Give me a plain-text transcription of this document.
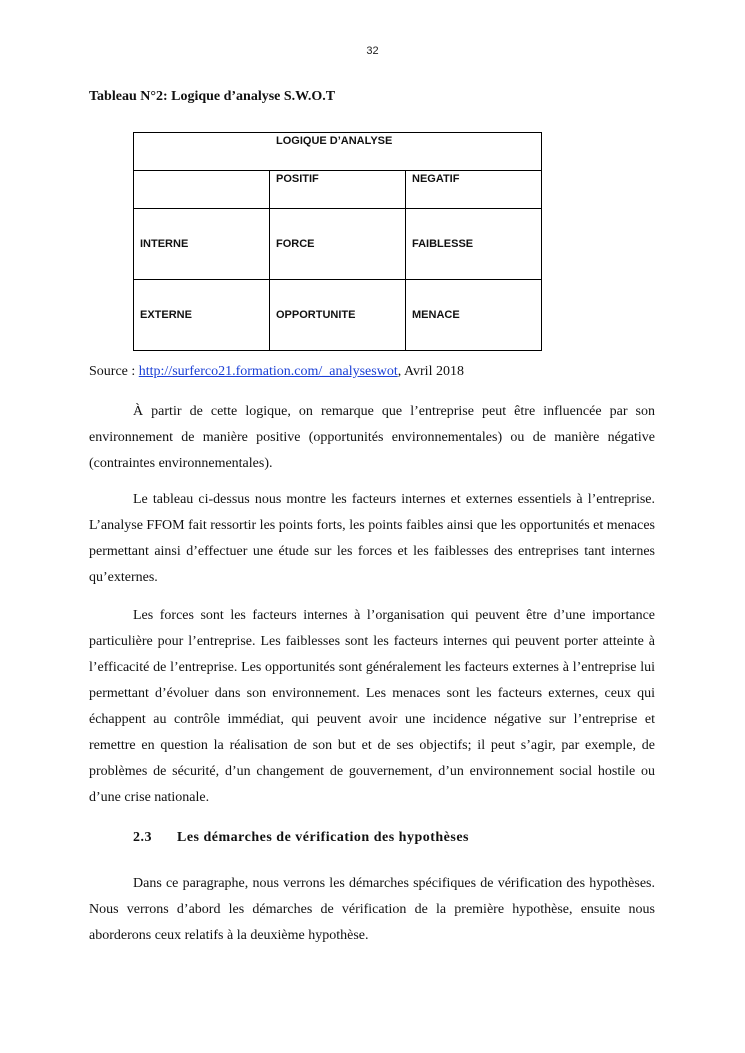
32
Tableau N°2: Logique d’analyse S.W.O.T
LOGIQUE D’ANALYSE		
	POSITIF	NEGATIF
INTERNE	FORCE	FAIBLESSE
EXTERNE	OPPORTUNITE	MENACE
Source : http://surferco21.formation.com/_analyseswot, Avril 2018

À partir de cette logique, on remarque que l’entreprise peut être influencée par son environnement de manière positive (opportunités environnementales) ou de manière négative (contraintes environnementales).

Le tableau ci-dessus nous montre les facteurs internes et externes essentiels à l’entreprise. L’analyse FFOM fait ressortir les points forts, les points faibles ainsi que les opportunités et menaces permettant ainsi d’effectuer une étude sur les forces et les faiblesses des entreprises tant internes qu’externes.

Les forces sont les facteurs internes à l’organisation qui peuvent être d’une importance particulière pour l’entreprise. Les faiblesses sont les facteurs internes qui peuvent porter atteinte à l’efficacité de l’entreprise. Les opportunités sont généralement les facteurs externes à l’entreprise lui permettant d’évoluer dans son environnement. Les menaces sont les facteurs externes, ceux qui échappent au contrôle immédiat, qui peuvent avoir une incidence négative sur l’entreprise et remettre en question la réalisation de son but et de ses objectifs; il peut s’agir, par exemple, de problèmes de sécurité, d’un changement de gouvernement, d’un environnement social hostile ou d’une crise nationale.

2.3 Les démarches de vérification des hypothèses

Dans ce paragraphe, nous verrons les démarches spécifiques de vérification des hypothèses. Nous verrons d’abord les démarches de vérification de la première hypothèse, ensuite nous aborderons ceux relatifs à la deuxième hypothèse.
